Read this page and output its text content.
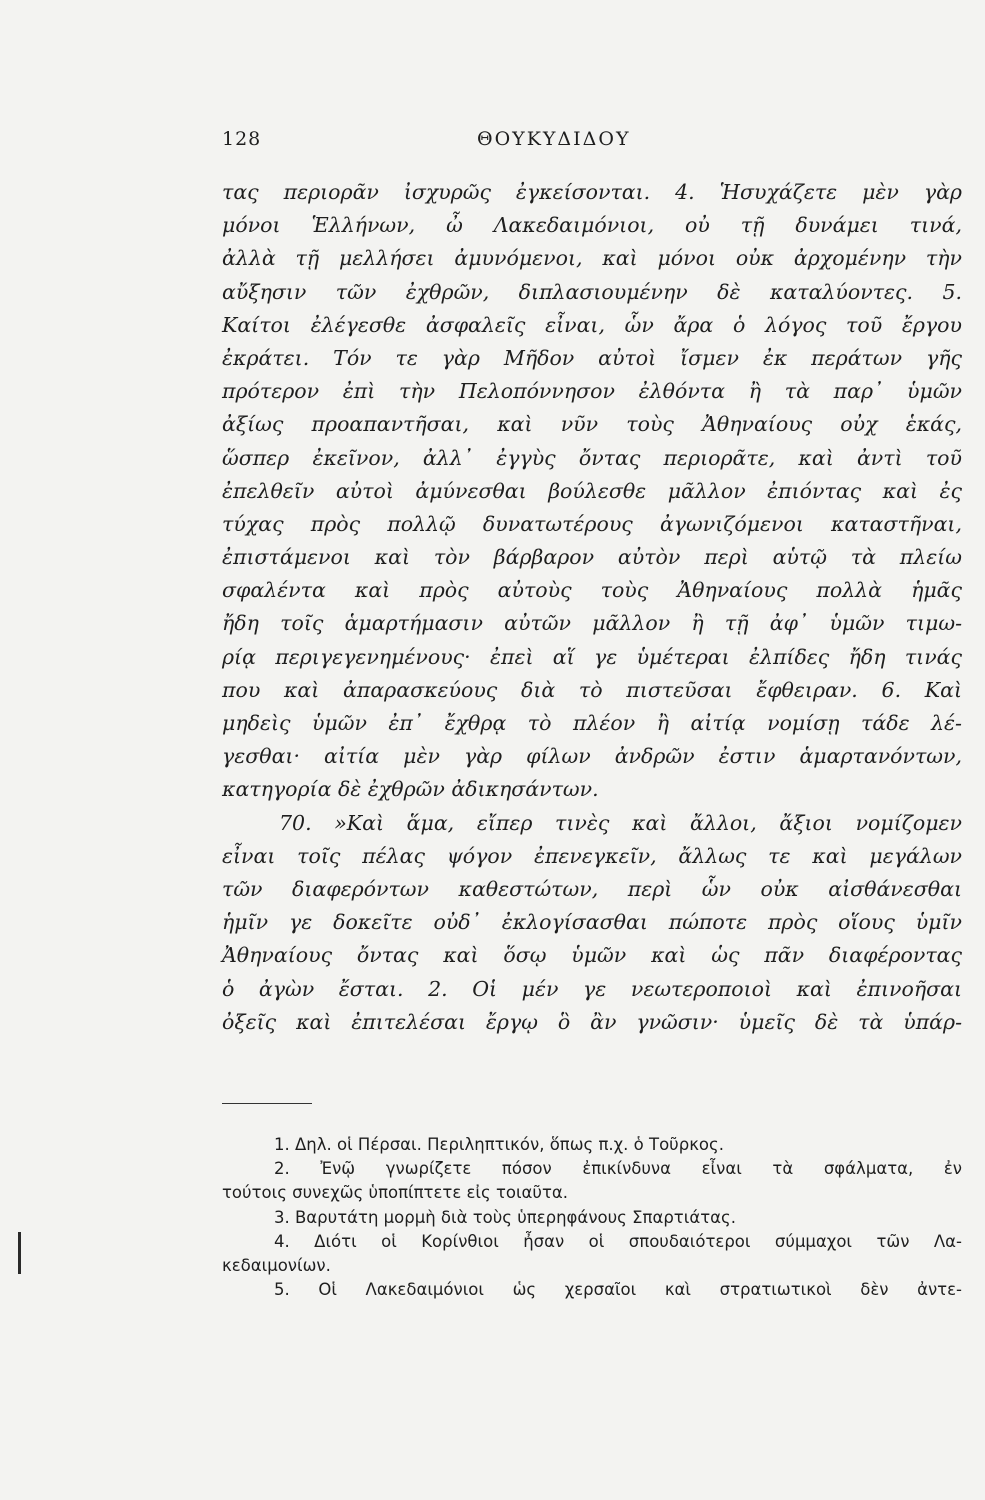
128	ΘΟΥΚΥΔΙΔΟΥ
τας περιορᾶν ἰσχυρῶς ἐγκείσονται. 4. Ἡσυχάζετε μὲν γὰρ
μόνοι Ἑλλήνων, ὦ Λακεδαιμόνιοι, οὐ τῇ δυνάμει τινά,
ἀλλὰ τῇ μελλήσει ἀμυνόμενοι, καὶ μόνοι οὐκ ἀρχομένην τὴν
αὔξησιν τῶν ἐχθρῶν, διπλασιουμένην δὲ καταλύοντες. 5.
Καίτοι ἐλέγεσθε ἀσφαλεῖς εἶναι, ὧν ἄρα ὁ λόγος τοῦ ἔργου
ἐκράτει. Τόν τε γὰρ Μῆδον αὐτοὶ ἴσμεν ἐκ περάτων γῆς
πρότερον ἐπὶ τὴν Πελοπόννησον ἐλθόντα ἢ τὰ παρ᾽ ὑμῶν
ἀξίως προαπαντῆσαι, καὶ νῦν τοὺς Ἀθηναίους οὐχ ἑκάς,
ὥσπερ ἐκεῖνον, ἀλλ᾽ ἐγγὺς ὄντας περιορᾶτε, καὶ ἀντὶ τοῦ
ἐπελθεῖν αὐτοὶ ἀμύνεσθαι βούλεσθε μᾶλλον ἐπιόντας καὶ ἐς
τύχας πρὸς πολλῷ δυνατωτέρους ἀγωνιζόμενοι καταστῆναι,
ἐπιστάμενοι καὶ τὸν βάρβαρον αὐτὸν περὶ αὑτῷ τὰ πλείω
σφαλέντα καὶ πρὸς αὐτοὺς τοὺς Ἀθηναίους πολλὰ ἡμᾶς
ἤδη τοῖς ἁμαρτήμασιν αὐτῶν μᾶλλον ἢ τῇ ἀφ᾽ ὑμῶν τιμω-
ρίᾳ περιγεγενημένους· ἐπεὶ αἵ γε ὑμέτεραι ἐλπίδες ἤδη τινάς
που καὶ ἀπαρασκεύους διὰ τὸ πιστεῦσαι ἔφθειραν. 6. Καὶ
μηδεὶς ὑμῶν ἐπ᾽ ἔχθρᾳ τὸ πλέον ἢ αἰτίᾳ νομίσῃ τάδε λέ-
γεσθαι· αἰτία μὲν γὰρ φίλων ἀνδρῶν ἐστιν ἁμαρτανόντων,
κατηγορία δὲ ἐχθρῶν ἀδικησάντων.
70. »Καὶ ἅμα, εἴπερ τινὲς καὶ ἄλλοι, ἄξιοι νομίζομεν
εἶναι τοῖς πέλας ψόγον ἐπενεγκεῖν, ἄλλως τε καὶ μεγάλων
τῶν διαφερόντων καθεστώτων, περὶ ὧν οὐκ αἰσθάνεσθαι
ἡμῖν γε δοκεῖτε οὐδ᾽ ἐκλογίσασθαι πώποτε πρὸς οἵους ὑμῖν
Ἀθηναίους ὄντας καὶ ὅσῳ ὑμῶν καὶ ὡς πᾶν διαφέροντας
ὁ ἀγὼν ἔσται. 2. Οἱ μέν γε νεωτεροποιοὶ καὶ ἐπινοῆσαι
ὀξεῖς καὶ ἐπιτελέσαι ἔργῳ ὃ ἂν γνῶσιν· ὑμεῖς δὲ τὰ ὑπάρ-
1. Δηλ. οἱ Πέρσαι. Περιληπτικόν, ὅπως π.χ. ὁ Τοῦρκος.
2. Ἐνῷ γνωρίζετε πόσον ἐπικίνδυνα εἶναι τὰ σφάλματα, ἐν
τούτοις συνεχῶς ὑποπίπτετε εἰς τοιαῦτα.
3. Βαρυτάτη μορμὴ διὰ τοὺς ὑπερηφάνους Σπαρτιάτας.
4. Διότι οἱ Κορίνθιοι ἦσαν οἱ σπουδαιότεροι σύμμαχοι τῶν Λα-
κεδαιμονίων.
5. Οἱ Λακεδαιμόνιοι ὡς χερσαῖοι καὶ στρατιωτικοὶ δὲν ἀντε-
